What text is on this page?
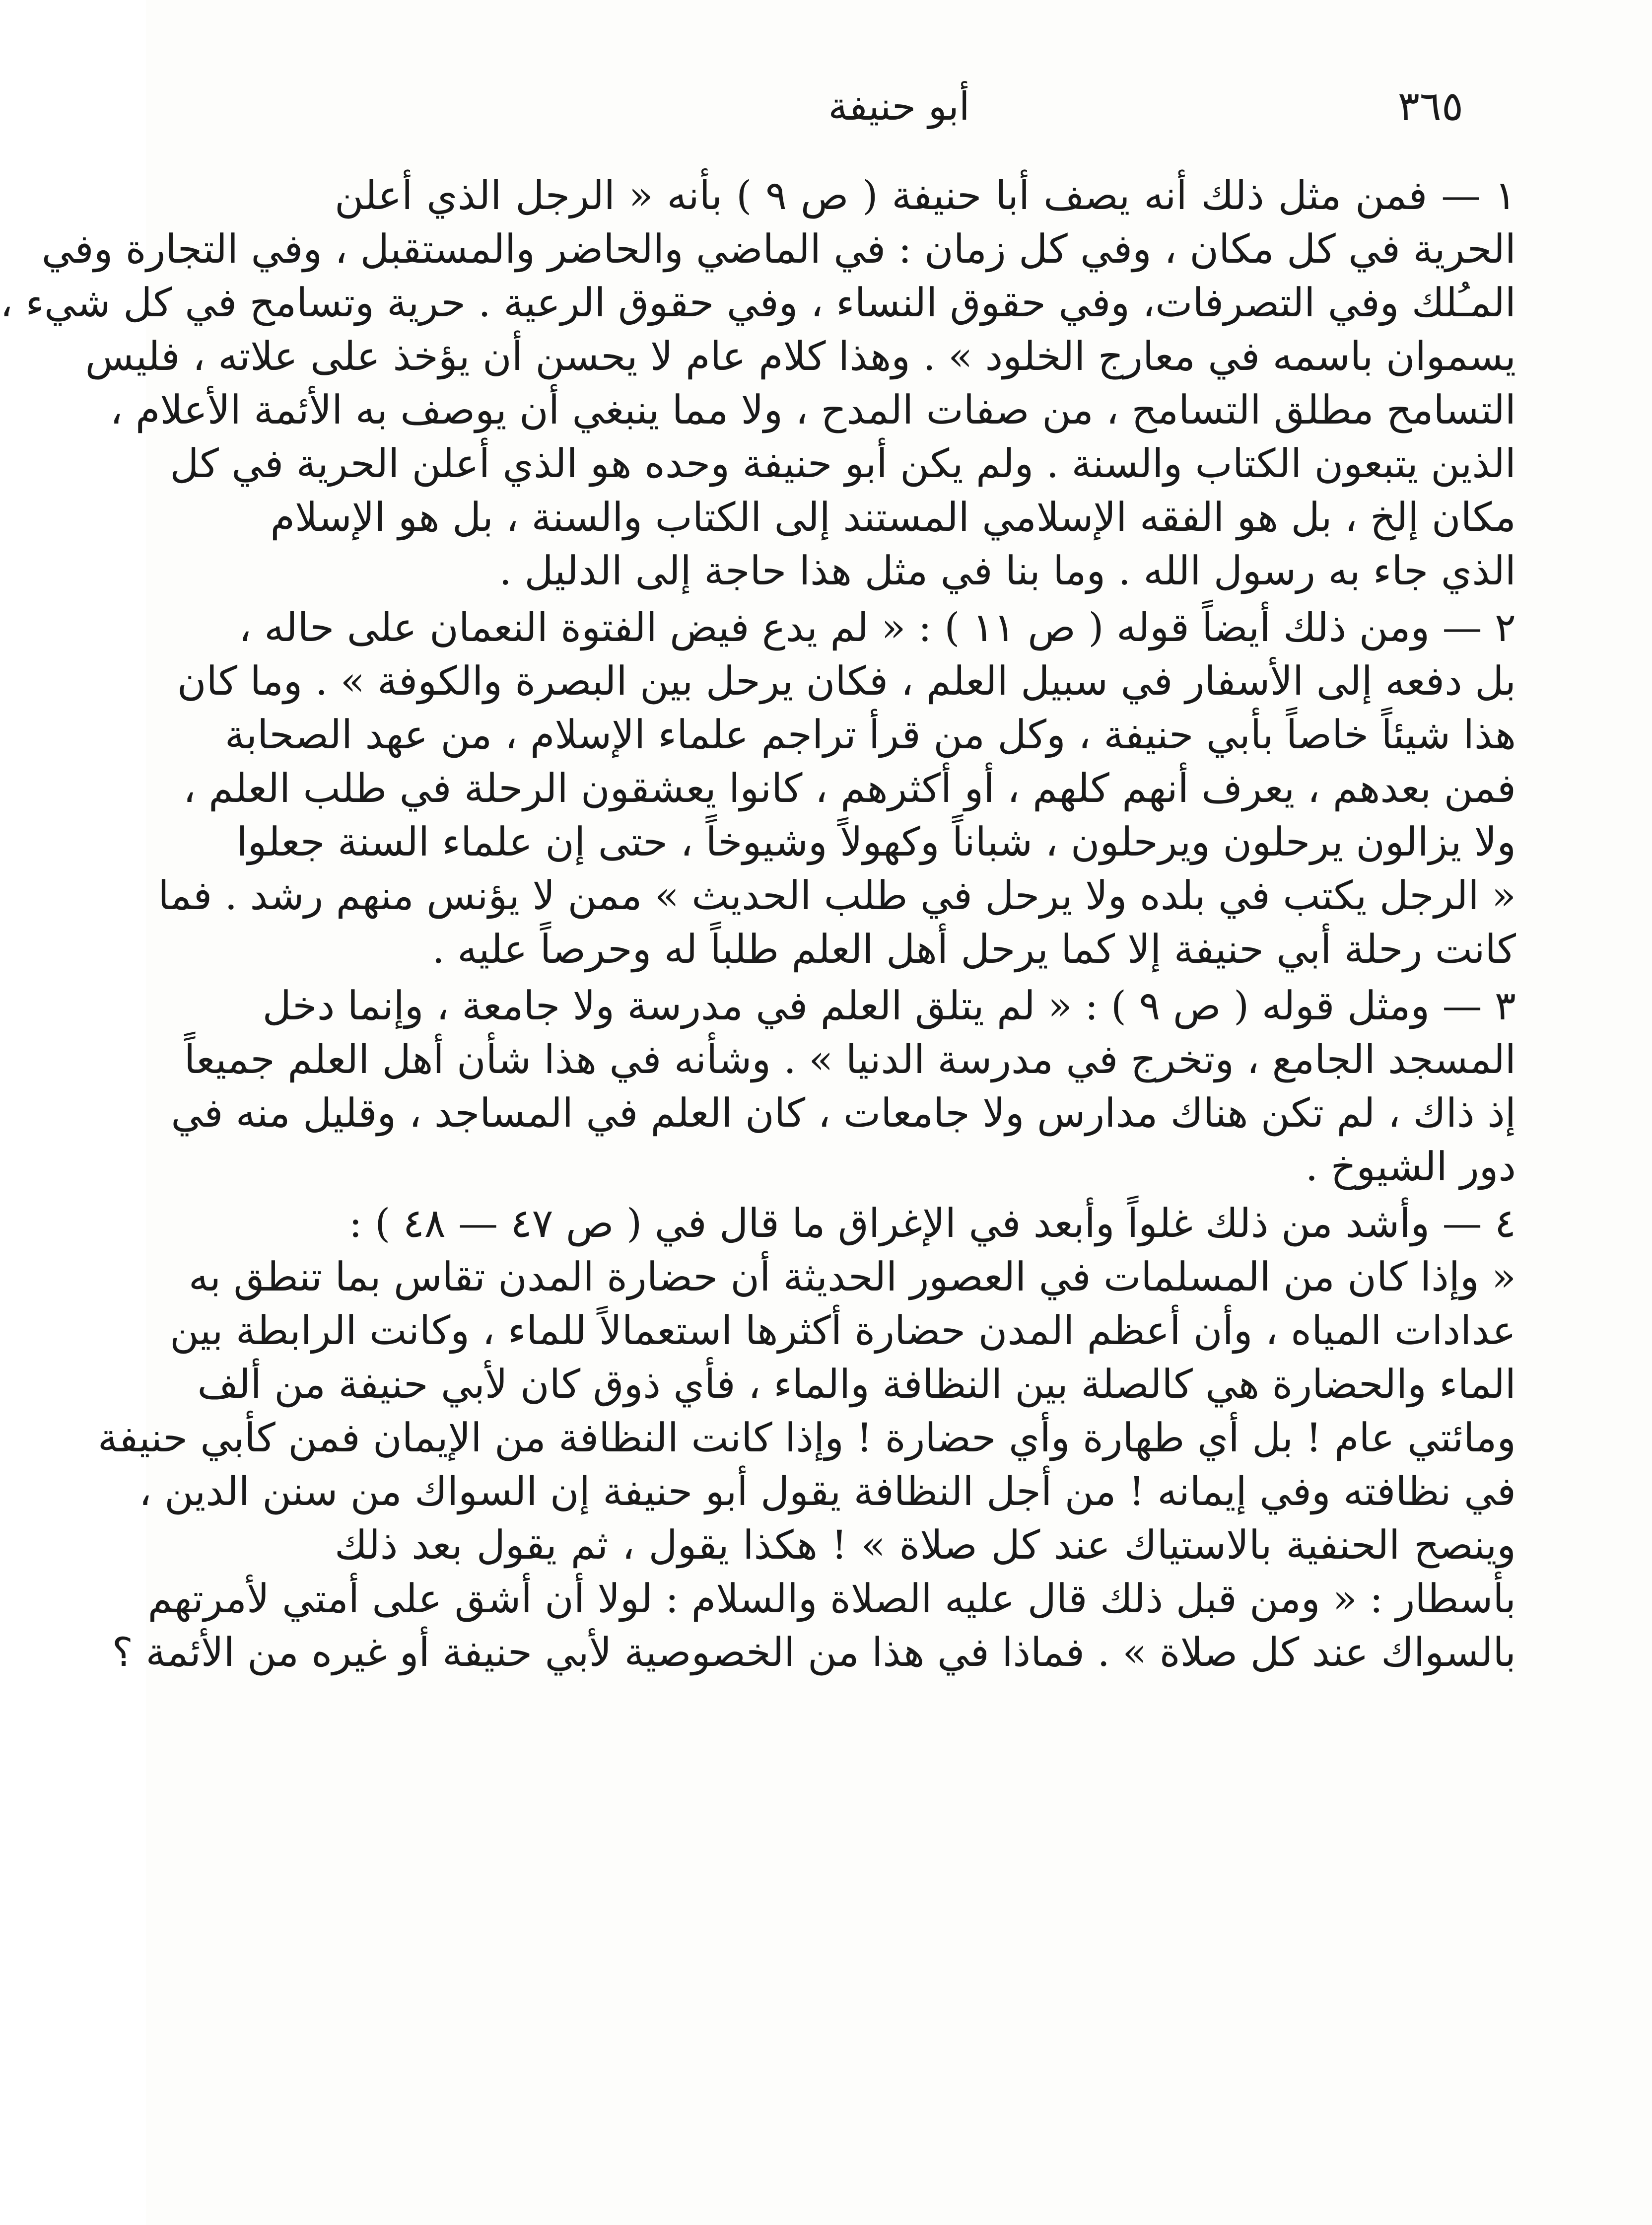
٣٦٥
أبو حنيفة
١ — فمن مثل ذلك أنه يصف أبا حنيفة ( ص ٩ ) بأنه « الرجل الذي أعلن
الحرية في كل مكان ، وفي كل زمان : في الماضي والحاضر والمستقبل ، وفي التجارة وفي
المـُلك وفي التصرفات، وفي حقوق النساء ، وفي حقوق الرعية . حرية وتسامح في كل شيء ،
يسموان باسمه في معارج الخلود » . وهذا كلام عام لا يحسن أن يؤخذ على علاته ، فليس
التسامح مطلق التسامح ، من صفات المدح ، ولا مما ينبغي أن يوصف به الأئمة الأعلام ،
الذين يتبعون الكتاب والسنة . ولم يكن أبو حنيفة وحده هو الذي أعلن الحرية في كل
مكان إلخ ، بل هو الفقه الإسلامي المستند إلى الكتاب والسنة ، بل هو الإسلام
الذي جاء به رسول الله . وما بنا في مثل هذا حاجة إلى الدليل .
٢ — ومن ذلك أيضاً قوله ( ص ١١ ) : « لم يدع فيض الفتوة النعمان على حاله ،
بل دفعه إلى الأسفار في سبيل العلم ، فكان يرحل بين البصرة والكوفة » . وما كان
هذا شيئاً خاصاً بأبي حنيفة ، وكل من قرأ تراجم علماء الإسلام ، من عهد الصحابة
فمن بعدهم ، يعرف أنهم كلهم ، أو أكثرهم ، كانوا يعشقون الرحلة في طلب العلم ،
ولا يزالون يرحلون ويرحلون ، شباناً وكهولاً وشيوخاً ، حتى إن علماء السنة جعلوا
« الرجل يكتب في بلده ولا يرحل في طلب الحديث » ممن لا يؤنس منهم رشد . فما
كانت رحلة أبي حنيفة إلا كما يرحل أهل العلم طلباً له وحرصاً عليه .
٣ — ومثل قوله ( ص ٩ ) : « لم يتلق العلم في مدرسة ولا جامعة ، وإنما دخل
المسجد الجامع ، وتخرج في مدرسة الدنيا » . وشأنه في هذا شأن أهل العلم جميعاً
إذ ذاك ، لم تكن هناك مدارس ولا جامعات ، كان العلم في المساجد ، وقليل منه في
دور الشيوخ .
٤ — وأشد من ذلك غلواً وأبعد في الإغراق ما قال في ( ص ٤٧ — ٤٨ ) :
« وإذا كان من المسلمات في العصور الحديثة أن حضارة المدن تقاس بما تنطق به
عدادات المياه ، وأن أعظم المدن حضارة أكثرها استعمالاً للماء ، وكانت الرابطة بين
الماء والحضارة هي كالصلة بين النظافة والماء ، فأي ذوق كان لأبي حنيفة من ألف
ومائتي عام ! بل أي طهارة وأي حضارة ! وإذا كانت النظافة من الإيمان فمن كأبي حنيفة
في نظافته وفي إيمانه ! من أجل النظافة يقول أبو حنيفة إن السواك من سنن الدين ،
وينصح الحنفية بالاستياك عند كل صلاة » ! هكذا يقول ، ثم يقول بعد ذلك
بأسطار : « ومن قبل ذلك قال عليه الصلاة والسلام : لولا أن أشق على أمتي لأمرتهم
بالسواك عند كل صلاة » . فماذا في هذا من الخصوصية لأبي حنيفة أو غيره من الأئمة ؟
